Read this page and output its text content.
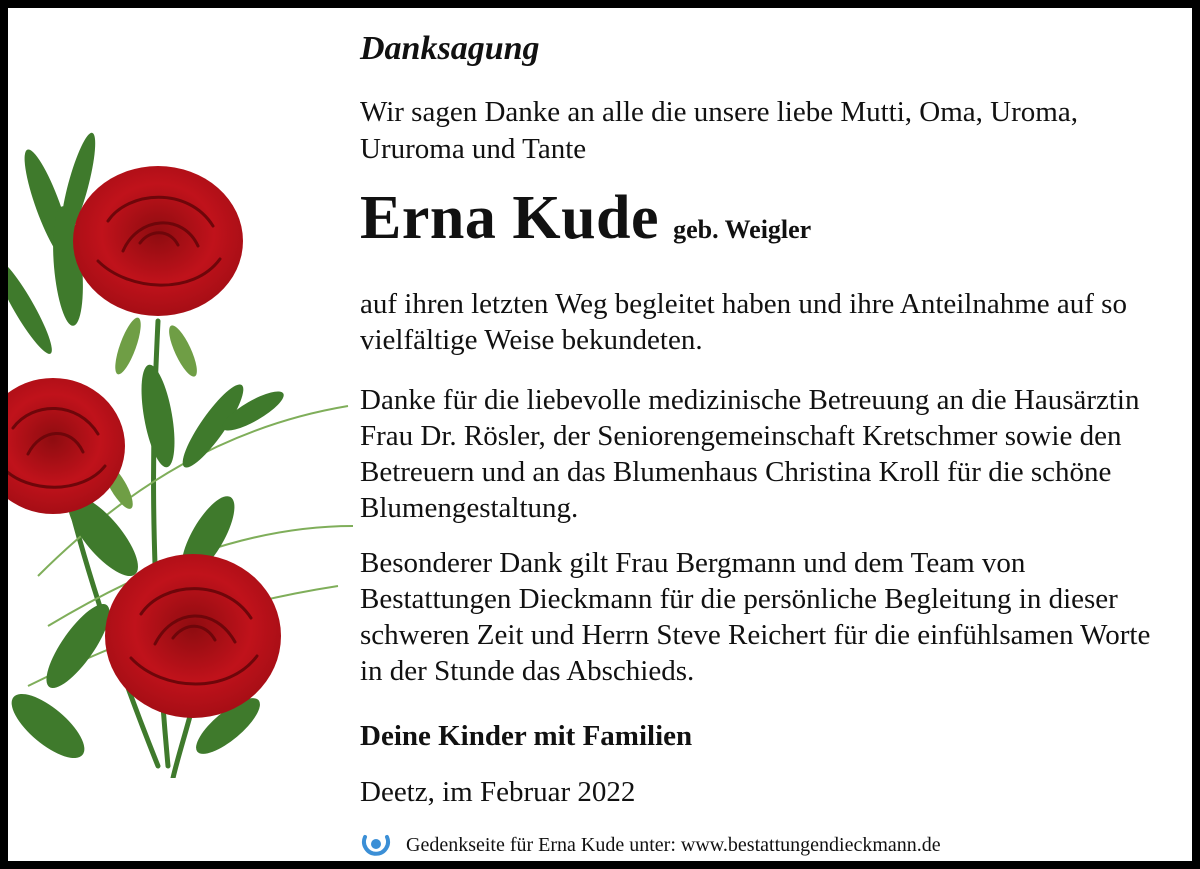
Danksagung
Wir sagen Danke an alle die unsere liebe Mutti, Oma, Uroma, Ururoma und Tante
Erna Kude geb. Weigler
auf ihren letzten Weg begleitet haben und ihre Anteilnahme auf so vielfältige Weise bekundeten.
Danke für die liebevolle medizinische Betreuung an die Hausärztin Frau Dr. Rösler, der Seniorengemeinschaft Kretschmer sowie den Betreuern und an das Blumenhaus Christina Kroll für die schöne Blumengestaltung.
Besonderer Dank gilt Frau Bergmann und dem Team von Bestattungen Dieckmann für die persönliche Begleitung in dieser schweren Zeit und Herrn Steve Reichert für die einfühlsamen Worte in der Stunde das Abschieds.
Deine Kinder mit Familien
Deetz, im Februar 2022
Gedenkseite für Erna Kude unter: www.bestattungendieckmann.de
